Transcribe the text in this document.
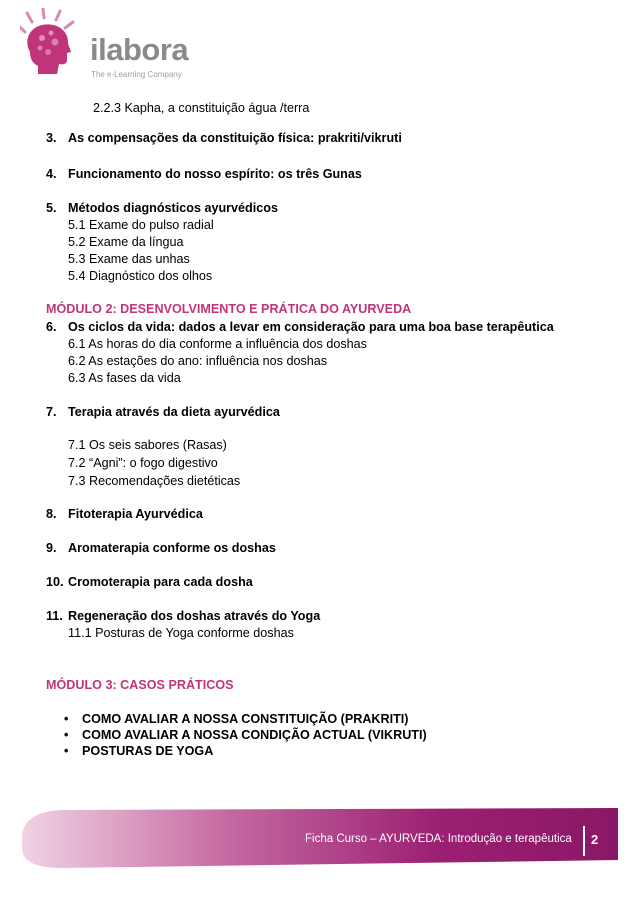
ilabora
The e-Learning Company
2.2.3 Kapha, a constituição água /terra
3. As compensações da constituição física: prakriti/vikruti
4. Funcionamento do nosso espírito: os três Gunas
5. Métodos diagnósticos ayurvédicos
5.1 Exame do pulso radial
5.2 Exame da língua
5.3 Exame das unhas
5.4 Diagnóstico dos olhos
MÓDULO 2: DESENVOLVIMENTO E PRÁTICA DO AYURVEDA
6. Os ciclos da vida: dados a levar em consideração para uma boa base terapêutica
6.1 As horas do dia conforme a influência dos doshas
6.2 As estações do ano: influência nos doshas
6.3 As fases da vida
7. Terapia através da dieta ayurvédica
7.1 Os seis sabores (Rasas)
7.2 “Agni”: o fogo digestivo
7.3 Recomendações dietéticas
8. Fitoterapia Ayurvédica
9. Aromaterapia conforme os doshas
10. Cromoterapia para cada dosha
11. Regeneração dos doshas através do Yoga
11.1 Posturas de Yoga conforme doshas
MÓDULO 3: CASOS PRÁTICOS
• COMO AVALIAR A NOSSA CONSTITUIÇÃO (PRAKRITI)
• COMO AVALIAR A NOSSA CONDIÇÃO ACTUAL (VIKRUTI)
• POSTURAS DE YOGA
Ficha Curso – AYURVEDA: Introdução e terapêutica	2
